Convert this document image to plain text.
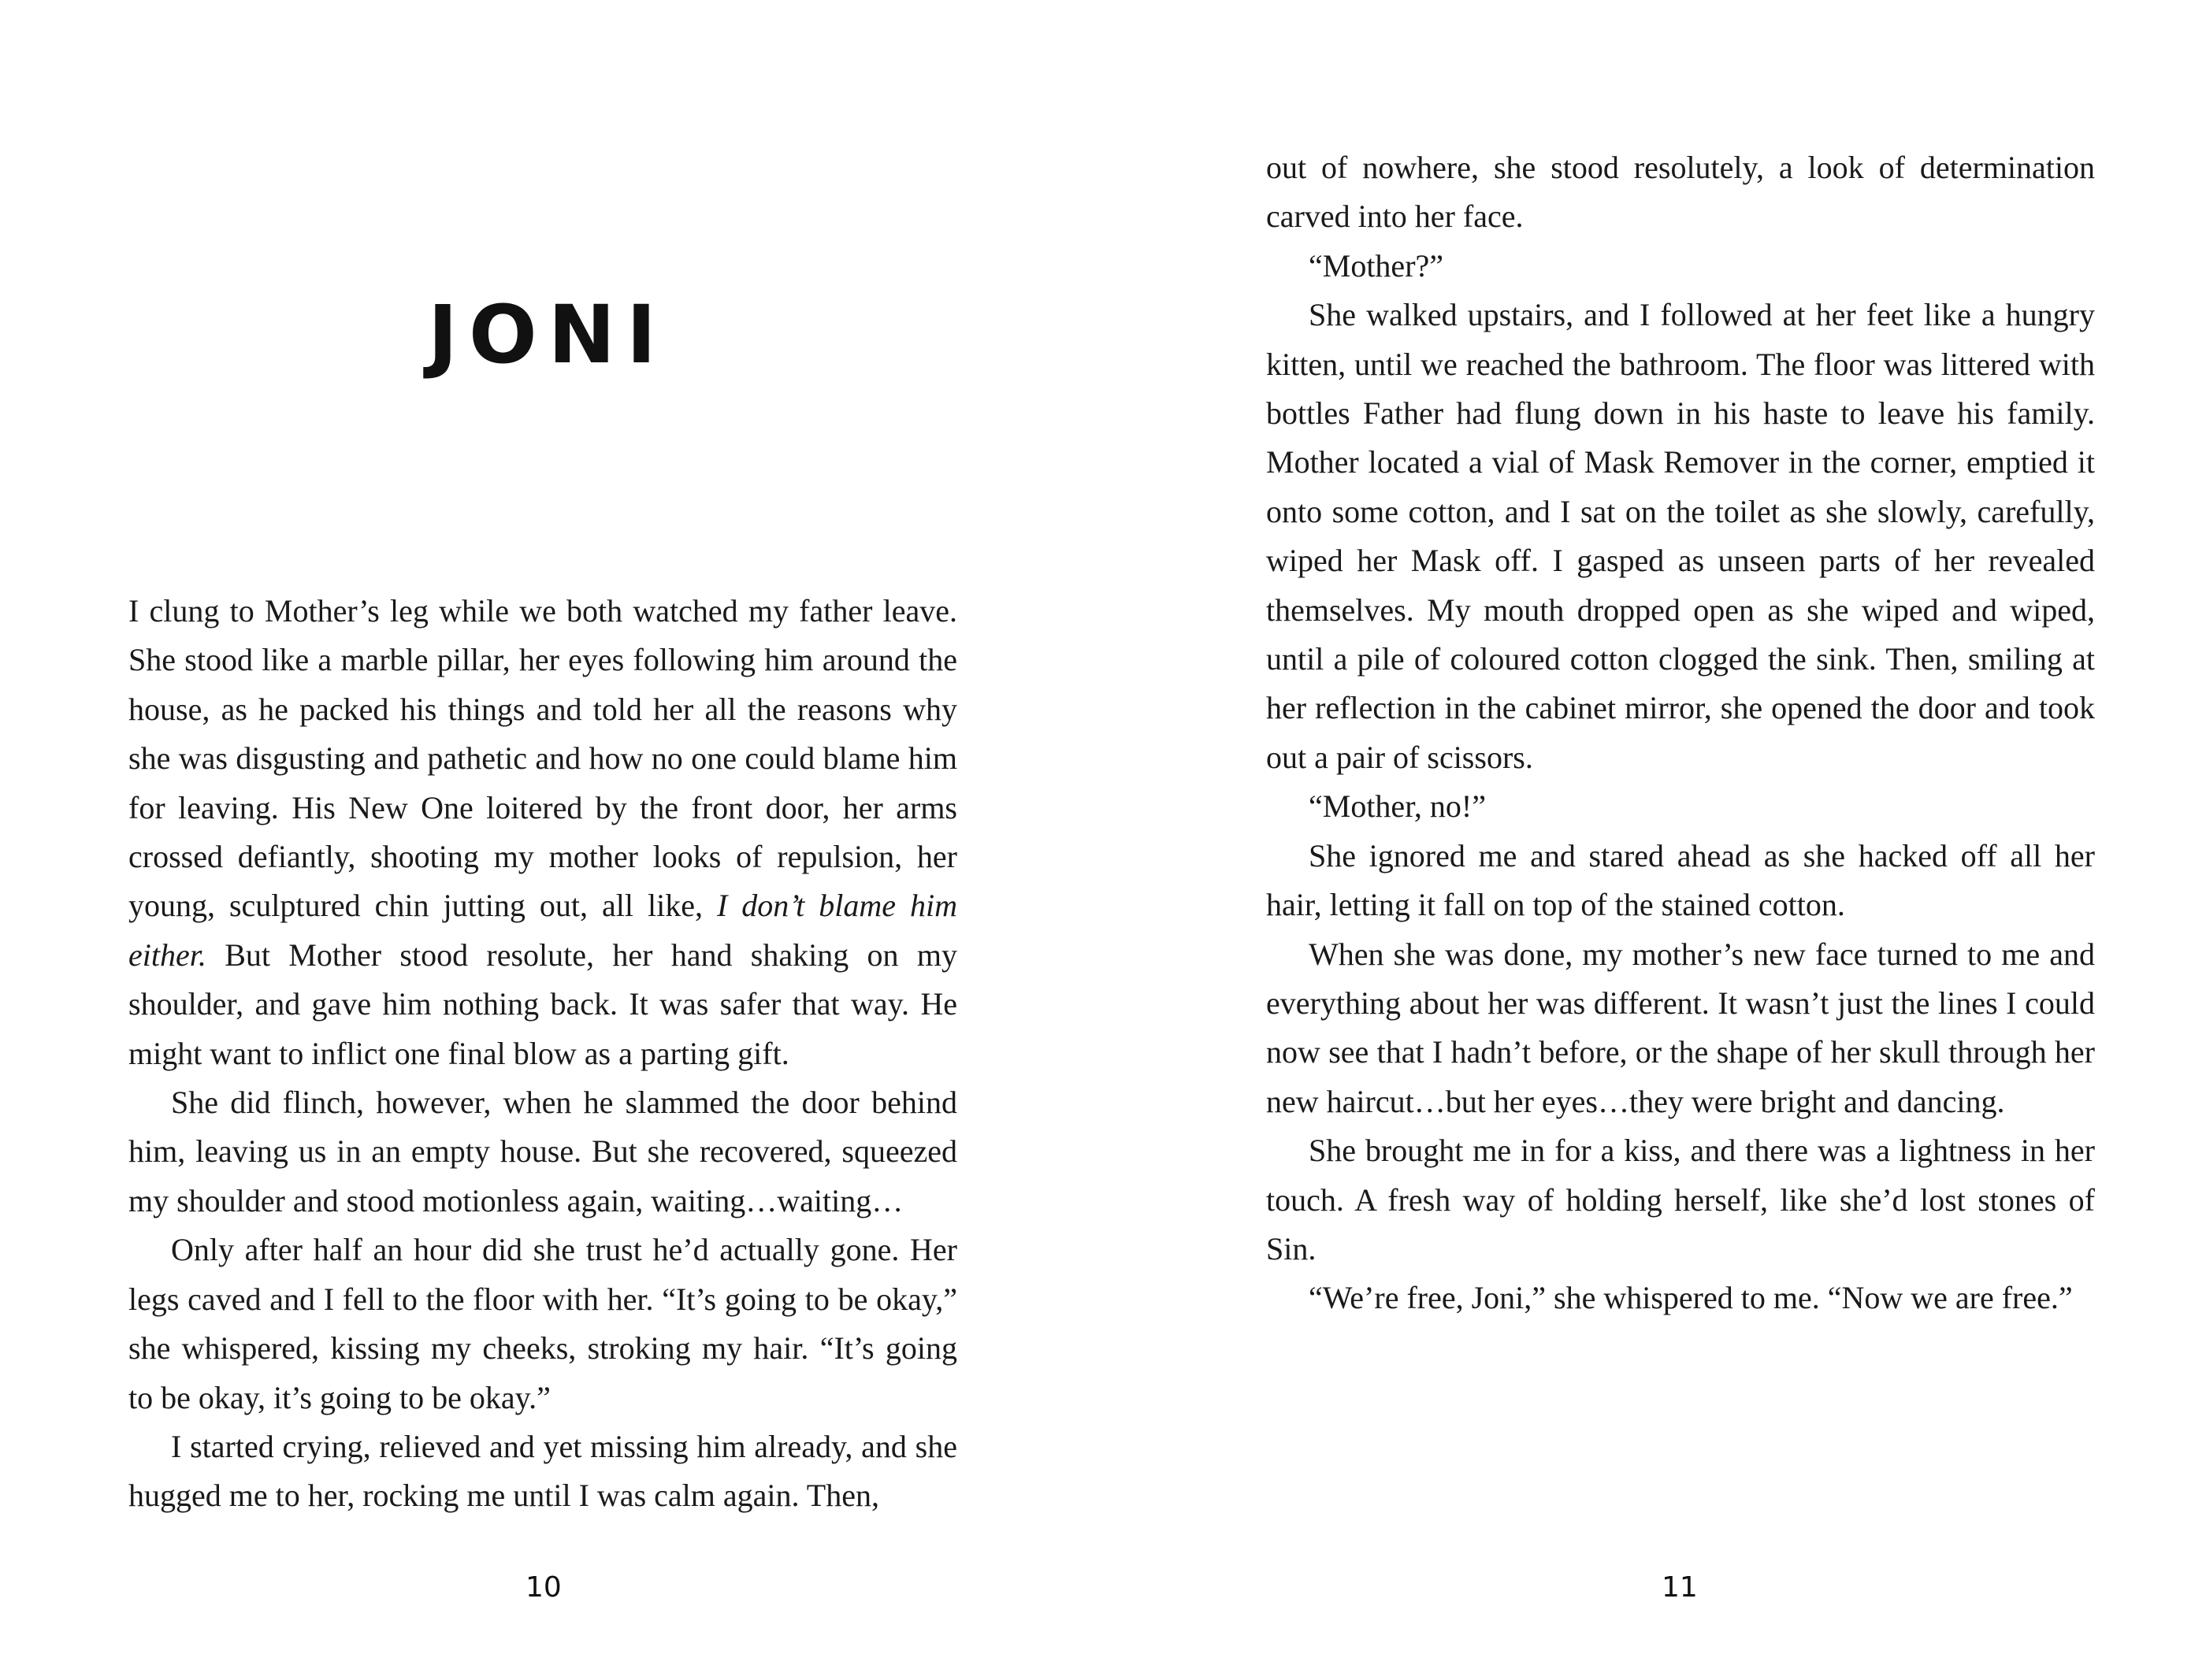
JONI

I clung to Mother’s leg while we both watched my father leave. She stood like a marble pillar, her eyes following him around the house, as he packed his things and told her all the reasons why she was disgusting and pathetic and how no one could blame him for leaving. His New One loitered by the front door, her arms crossed defiantly, shooting my mother looks of repulsion, her young, sculptured chin jutting out, all like, I don’t blame him either. But Mother stood resolute, her hand shaking on my shoulder, and gave him nothing back. It was safer that way. He might want to inflict one final blow as a parting gift.

She did flinch, however, when he slammed the door behind him, leaving us in an empty house. But she recovered, squeezed my shoulder and stood motionless again, waiting…waiting…

Only after half an hour did she trust he’d actually gone. Her legs caved and I fell to the floor with her. “It’s going to be okay,” she whispered, kissing my cheeks, stroking my hair. “It’s going to be okay, it’s going to be okay.”

I started crying, relieved and yet missing him already, and she hugged me to her, rocking me until I was calm again. Then,

10

out of nowhere, she stood resolutely, a look of determination carved into her face.

“Mother?”

She walked upstairs, and I followed at her feet like a hungry kitten, until we reached the bathroom. The floor was littered with bottles Father had flung down in his haste to leave his family. Mother located a vial of Mask Remover in the corner, emptied it onto some cotton, and I sat on the toilet as she slowly, carefully, wiped her Mask off. I gasped as unseen parts of her revealed themselves. My mouth dropped open as she wiped and wiped, until a pile of coloured cotton clogged the sink. Then, smiling at her reflection in the cabinet mirror, she opened the door and took out a pair of scissors.

“Mother, no!”

She ignored me and stared ahead as she hacked off all her hair, letting it fall on top of the stained cotton.

When she was done, my mother’s new face turned to me and everything about her was different. It wasn’t just the lines I could now see that I hadn’t before, or the shape of her skull through her new haircut…but her eyes…they were bright and dancing.

She brought me in for a kiss, and there was a lightness in her touch. A fresh way of holding herself, like she’d lost stones of Sin.

“We’re free, Joni,” she whispered to me. “Now we are free.”

11
